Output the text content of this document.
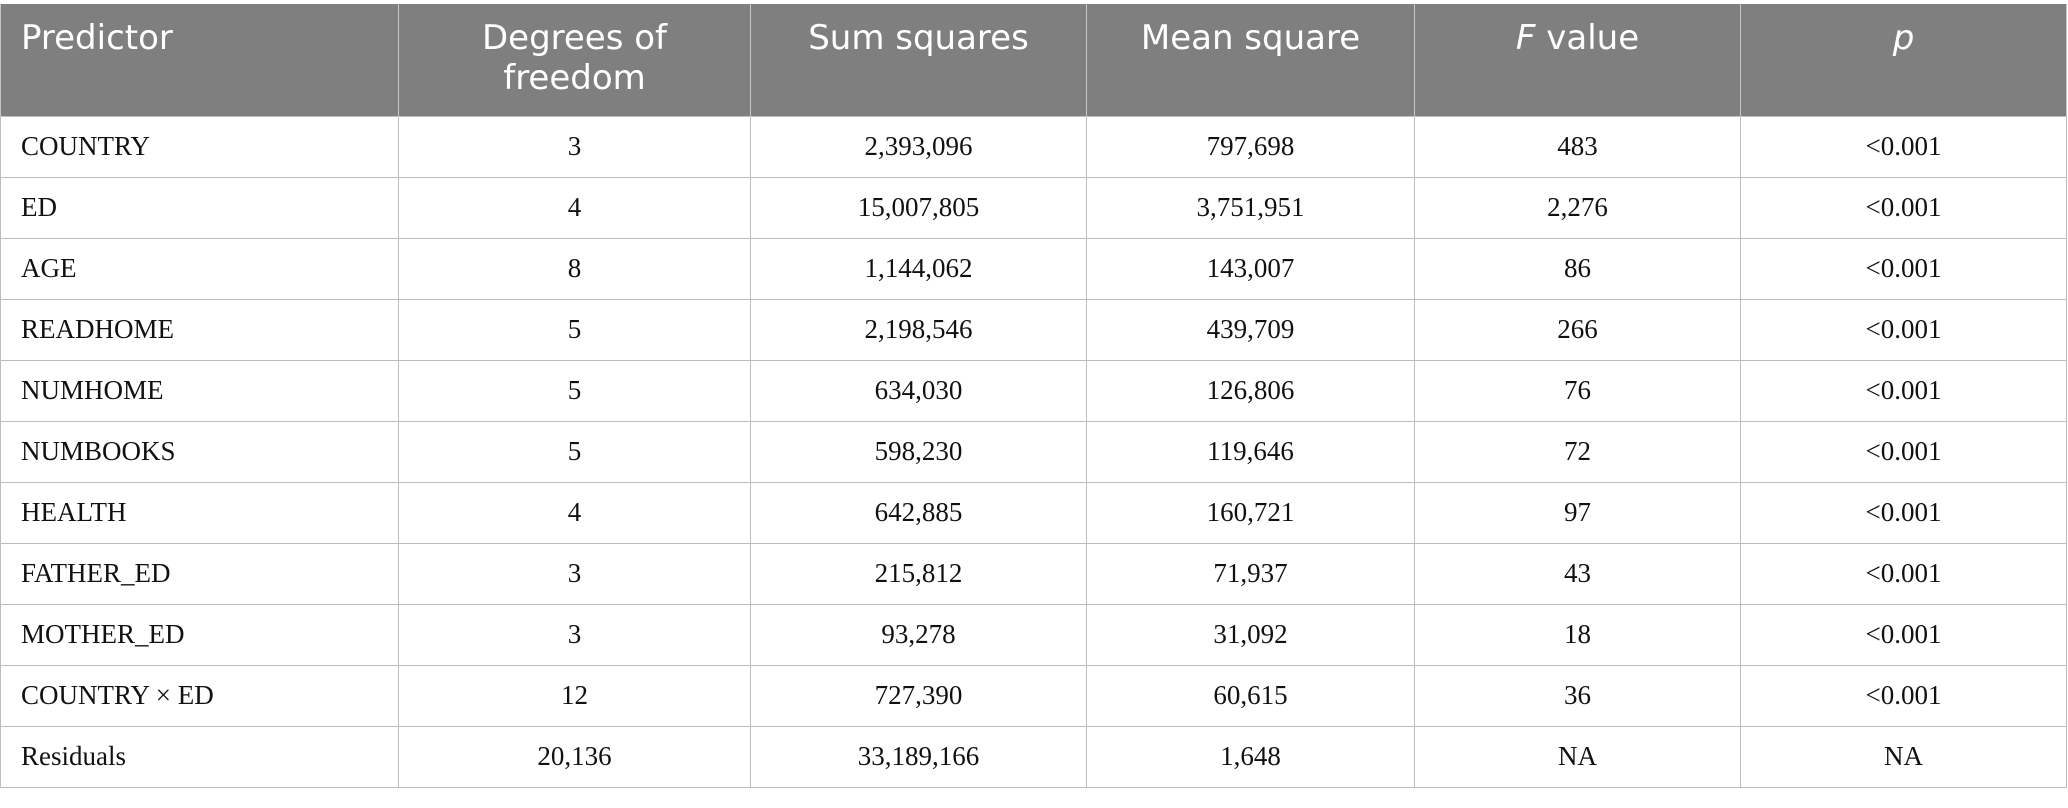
Predictor	Degrees of freedom	Sum squares	Mean square	F value	p
COUNTRY	3	2,393,096	797,698	483	<0.001
ED	4	15,007,805	3,751,951	2,276	<0.001
AGE	8	1,144,062	143,007	86	<0.001
READHOME	5	2,198,546	439,709	266	<0.001
NUMHOME	5	634,030	126,806	76	<0.001
NUMBOOKS	5	598,230	119,646	72	<0.001
HEALTH	4	642,885	160,721	97	<0.001
FATHER_ED	3	215,812	71,937	43	<0.001
MOTHER_ED	3	93,278	31,092	18	<0.001
COUNTRY × ED	12	727,390	60,615	36	<0.001
Residuals	20,136	33,189,166	1,648	NA	NA
